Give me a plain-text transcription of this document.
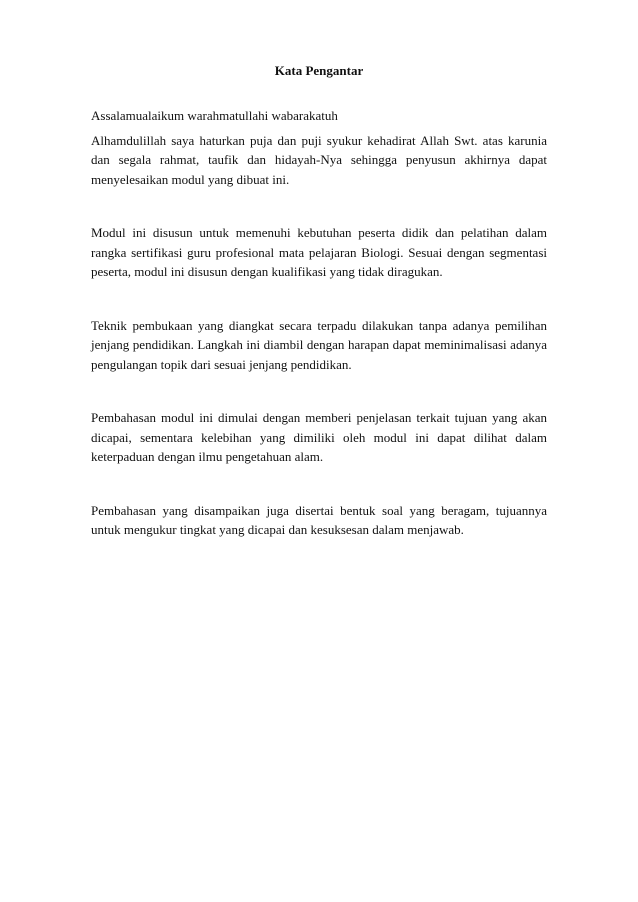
Kata Pengantar

Assalamualaikum warahmatullahi wabarakatuh

Alhamdulillah saya haturkan puja dan puji syukur kehadirat Allah Swt. atas karunia dan segala rahmat, taufik dan hidayah-Nya sehingga penyusun akhirnya dapat menyelesaikan modul yang dibuat ini.

Modul ini disusun untuk memenuhi kebutuhan peserta didik dan pelatihan dalam rangka sertifikasi guru profesional mata pelajaran Biologi. Sesuai dengan segmentasi peserta, modul ini disusun dengan kualifikasi yang tidak diragukan.

Teknik pembukaan yang diangkat secara terpadu dilakukan tanpa adanya pemilihan jenjang pendidikan. Langkah ini diambil dengan harapan dapat meminimalisasi adanya pengulangan topik dari sesuai jenjang pendidikan.

Pembahasan modul ini dimulai dengan memberi penjelasan terkait tujuan yang akan dicapai, sementara kelebihan yang dimiliki oleh modul ini dapat dilihat dalam keterpaduan dengan ilmu pengetahuan alam.

Pembahasan yang disampaikan juga disertai bentuk soal yang beragam, tujuannya untuk mengukur tingkat yang dicapai dan kesuksesan dalam menjawab.
